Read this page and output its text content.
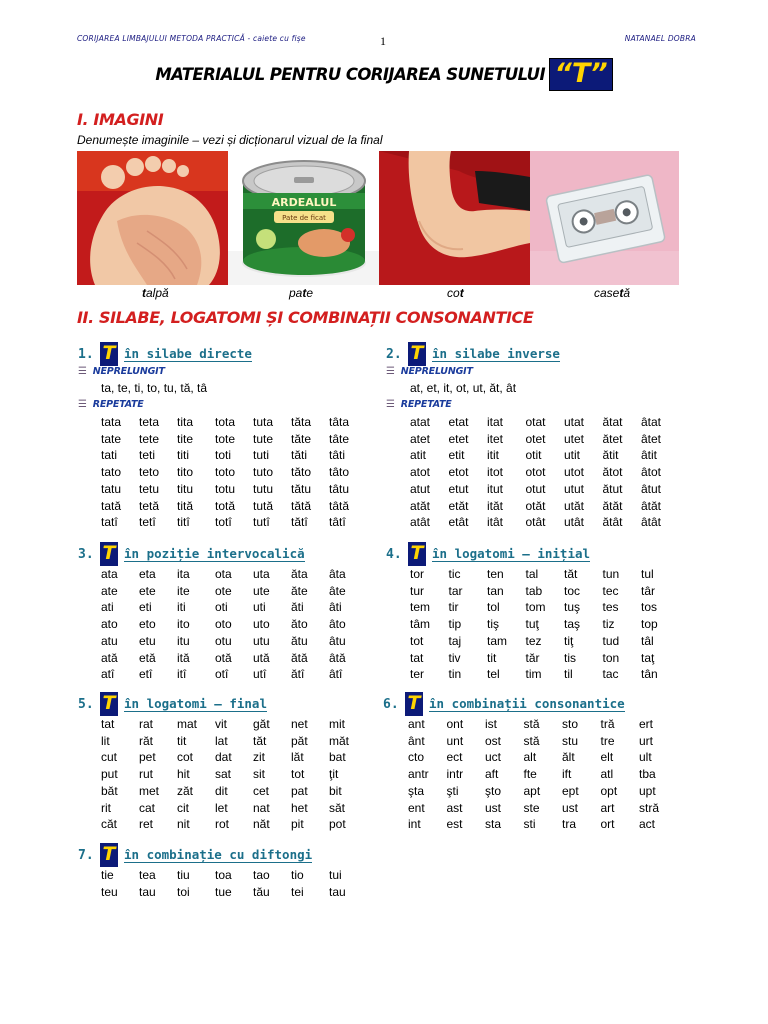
CORIJAREA LIMBAJULUI METODA PRACTICĂ - caiete cu fișe	1	NATANAEL DOBRA
MATERIALUL PENTRU CORIJAREA SUNETULUI “T”
I. IMAGINI
Denumește imaginile – vezi și dicționarul vizual de la final
ARDEALUL
Pate de ficat
talpă	pate	cot	casetă
II. SILABE, LOGATOMI ȘI COMBINAȚII CONSONANTICE
1. T în silabe directe
☰ NEPRELUNGIT
ta, te, ti, to, tu, tă, tâ
☰ REPETATE
tata	teta	tita	tota	tuta	tăta	tâta
tate	tete	tite	tote	tute	tăte	tâte
tati	teti	titi	toti	tuti	tăti	tâti
tato	teto	tito	toto	tuto	tăto	tâto
tatu	tetu	titu	totu	tutu	tătu	tâtu
tată	tetă	tită	totă	tută	tătă	tâtă
tatî	tetî	titî	totî	tutî	tătî	tâtî
2. T în silabe inverse
☰ NEPRELUNGIT
at, et, it, ot, ut, ăt, ât
☰ REPETATE
atat	etat	itat	otat	utat	ătat	âtat
atet	etet	itet	otet	utet	ătet	âtet
atit	etit	itit	otit	utit	ătit	âtit
atot	etot	itot	otot	utot	ătot	âtot
atut	etut	itut	otut	utut	ătut	âtut
atăt	etăt	ităt	otăt	utăt	ătăt	âtăt
atât	etât	itât	otât	utât	ătât	âtât
3. T în poziție intervocalică
ata	eta	ita	ota	uta	ăta	âta
ate	ete	ite	ote	ute	ăte	âte
ati	eti	iti	oti	uti	ăti	âti
ato	eto	ito	oto	uto	ăto	âto
atu	etu	itu	otu	utu	ătu	âtu
ată	etă	ită	otă	ută	ătă	âtă
atî	etî	itî	otî	utî	ătî	âtî
4. T în logatomi – inițial
tor	tic	ten	tal	tăt	tun	tul
tur	tar	tan	tab	toc	tec	târ
tem	tir	tol	tom	tuş	tes	tos
tâm	tip	tiş	tuţ	taş	tiz	top
tot	taj	tam	tez	tiţ	tud	tâl
tat	tiv	tit	tăr	tis	ton	taţ
ter	tin	tel	tim	til	tac	tân
5. T în logatomi – final
tat	rat	mat	vit	găt	net	mit
lit	răt	tit	lat	tăt	păt	măt
cut	pet	cot	dat	zit	lăt	bat
put	rut	hit	sat	sit	tot	ţit
băt	met	zăt	dit	cet	pat	bit
rit	cat	cit	let	nat	het	săt
căt	ret	nit	rot	năt	pit	pot
6. T în combinații consonantice
ant	ont	ist	stă	sto	tră	ert
ânt	unt	ost	stă	stu	tre	urt
cto	ect	uct	alt	ălt	elt	ult
antr	intr	aft	fte	ift	atl	tba
şta	şti	şto	apt	ept	opt	upt
ent	ast	ust	ste	ust	art	stră
int	est	sta	sti	tra	ort	act
7. T în combinație cu diftongi
tie	tea	tiu	toa	tao	tio	tui
teu	tau	toi	tue	tău	tei	tau
